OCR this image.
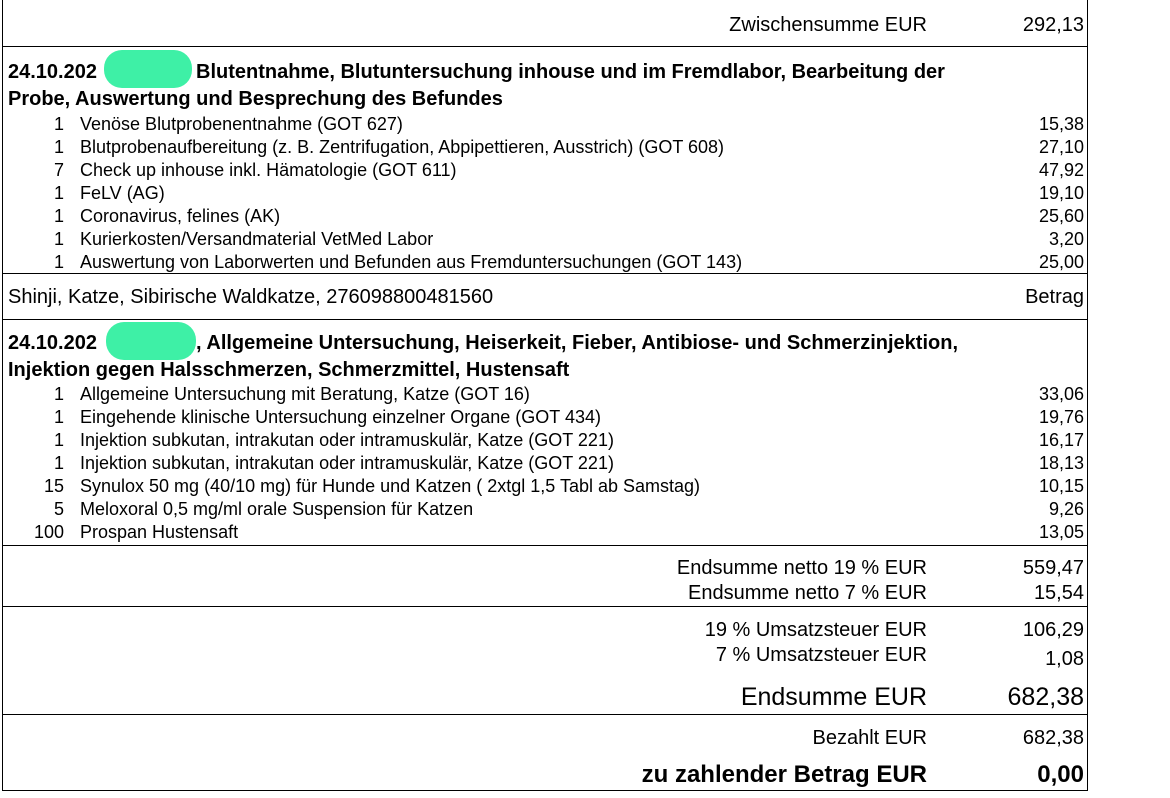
Zwischensumme EUR	292,13
24.10.202	Blutentnahme, Blutuntersuchung inhouse und im Fremdlabor, Bearbeitung der
Probe, Auswertung und Besprechung des Befundes
1 Venöse Blutprobenentnahme (GOT 627)	15,38
1 Blutprobenaufbereitung (z. B. Zentrifugation, Abpipettieren, Ausstrich) (GOT 608)	27,10
7 Check up inhouse inkl. Hämatologie (GOT 611)	47,92
1 FeLV (AG)	19,10
1 Coronavirus, felines (AK)	25,60
1 Kurierkosten/Versandmaterial VetMed Labor	3,20
1 Auswertung von Laborwerten und Befunden aus Fremduntersuchungen (GOT 143)	25,00
Shinji, Katze, Sibirische Waldkatze, 276098800481560	Betrag
24.10.202	, Allgemeine Untersuchung, Heiserkeit, Fieber, Antibiose- und Schmerzinjektion,
Injektion gegen Halsschmerzen, Schmerzmittel, Hustensaft
1 Allgemeine Untersuchung mit Beratung, Katze (GOT 16)	33,06
1 Eingehende klinische Untersuchung einzelner Organe (GOT 434)	19,76
1 Injektion subkutan, intrakutan oder intramuskulär, Katze (GOT 221)	16,17
1 Injektion subkutan, intrakutan oder intramuskulär, Katze (GOT 221)	18,13
15 Synulox 50 mg (40/10 mg) für Hunde und Katzen ( 2xtgl 1,5 Tabl ab Samstag)	10,15
5 Meloxoral 0,5 mg/ml orale Suspension für Katzen	9,26
100 Prospan Hustensaft	13,05
Endsumme netto 19 % EUR	559,47
Endsumme netto 7 % EUR	15,54
19 % Umsatzsteuer EUR	106,29
7 % Umsatzsteuer EUR	1,08
Endsumme EUR	682,38
Bezahlt EUR	682,38
zu zahlender Betrag EUR	0,00
